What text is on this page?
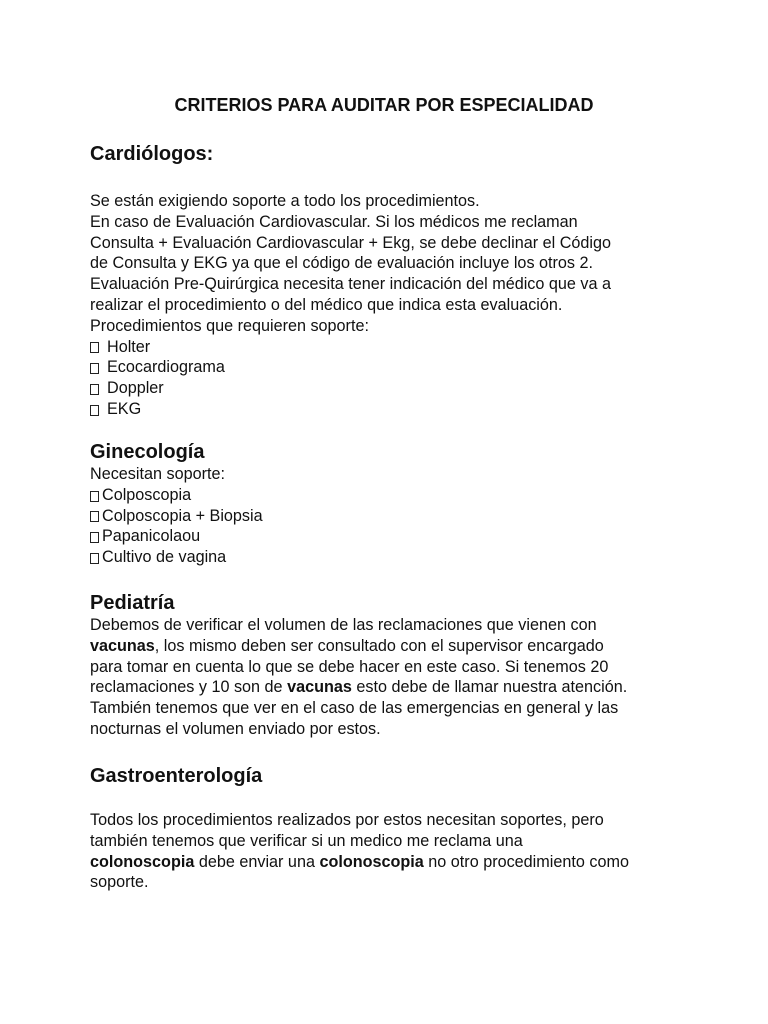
CRITERIOS PARA AUDITAR POR ESPECIALIDAD
Cardiólogos:
Se están exigiendo soporte a todo los procedimientos.
En caso de Evaluación Cardiovascular. Si los médicos me reclaman
Consulta + Evaluación Cardiovascular + Ekg, se debe declinar el Código
de Consulta y EKG ya que el código de evaluación incluye los otros 2.
Evaluación Pre-Quirúrgica necesita tener indicación del médico que va a
realizar el procedimiento o del médico que indica esta evaluación.
Procedimientos que requieren soporte:
Holter
Ecocardiograma
Doppler
EKG
Ginecología
Necesitan soporte:
Colposcopia
Colposcopia + Biopsia
Papanicolaou
Cultivo de vagina
Pediatría
Debemos de verificar el volumen de las reclamaciones que vienen con
vacunas, los mismo deben ser consultado con el supervisor encargado
para tomar en cuenta lo que se debe hacer en este caso. Si tenemos 20
reclamaciones y 10 son de vacunas esto debe de llamar nuestra atención.
También tenemos que ver en el caso de las emergencias en general y las
nocturnas el volumen enviado por estos.
Gastroenterología
Todos los procedimientos realizados por estos necesitan soportes, pero
también tenemos que verificar si un medico me reclama una
colonoscopia debe enviar una colonoscopia no otro procedimiento como
soporte.
